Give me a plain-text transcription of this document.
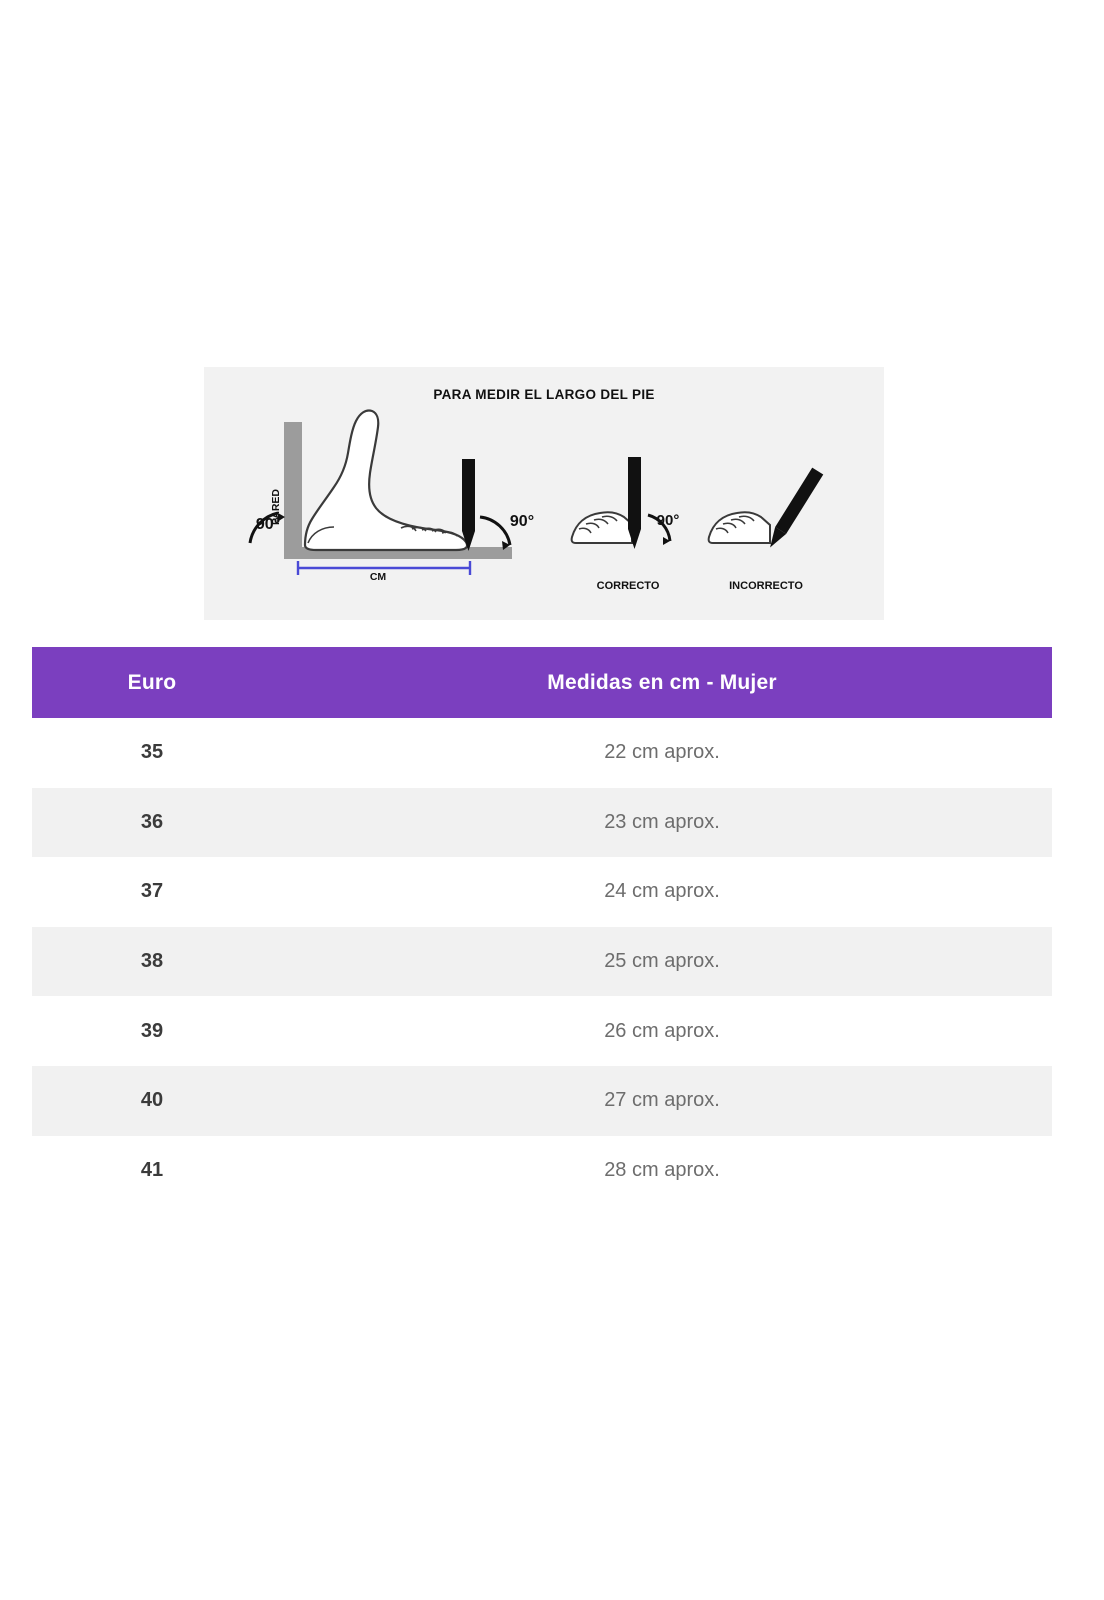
PARA MEDIR EL LARGO DEL PIE
90°	90°
CM
90°
CORRECTO	INCORRECTO
PARED
Euro	Medidas en cm - Mujer
35	22 cm aprox.
36	23 cm aprox.
37	24 cm aprox.
38	25 cm aprox.
39	26 cm aprox.
40	27 cm aprox.
41	28 cm aprox.
